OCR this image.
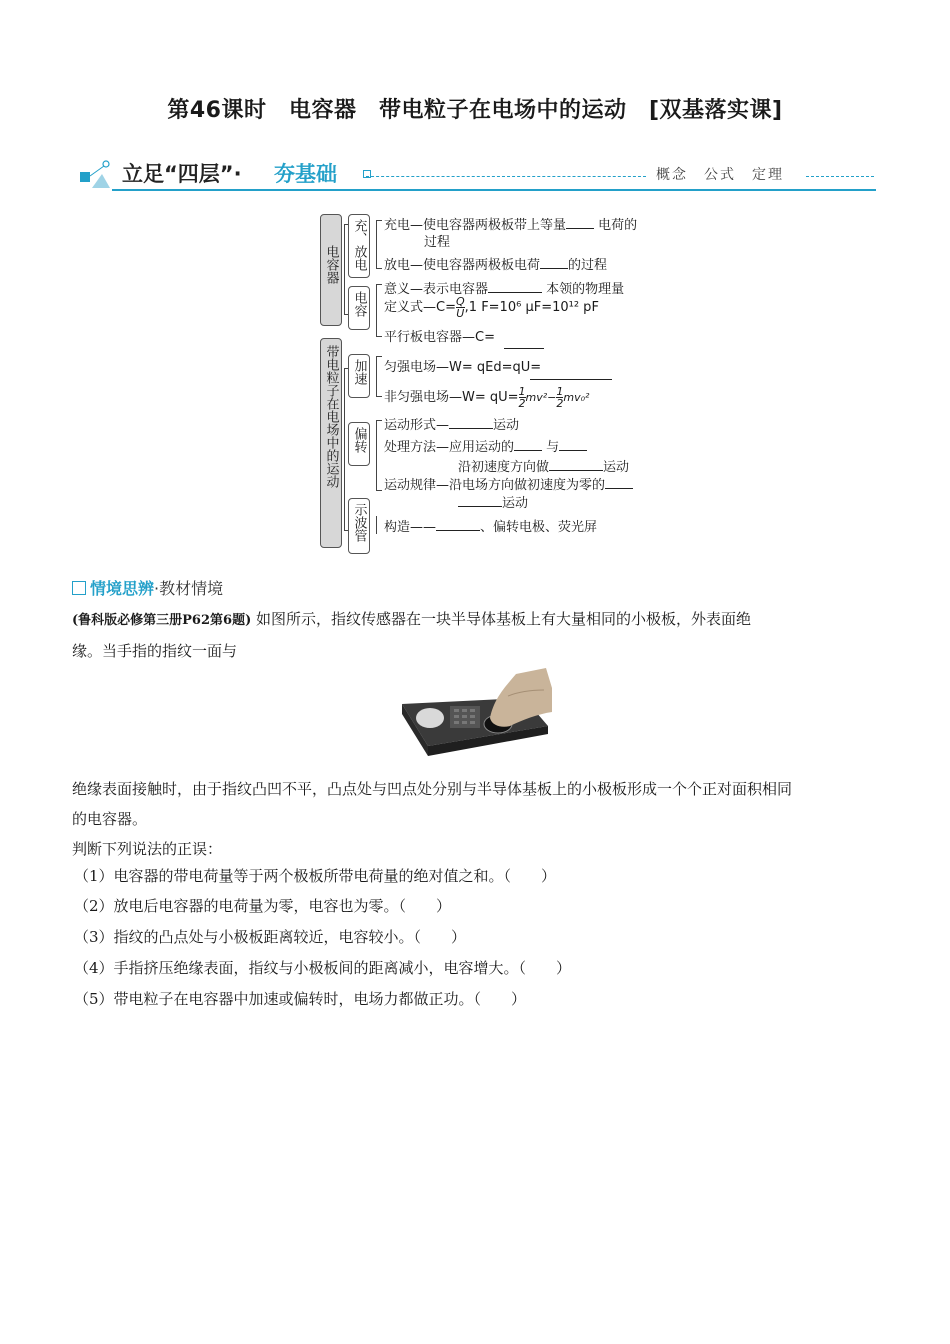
第46课时　电容器　带电粒子在电场中的运动　[双基落实课]
立足“四层”· 夯基础	概念　公式　定理
电容器 充、放电 充电—使电容器两极板带上等量 电荷的
过程
放电—使电容器两极板电荷 的过程
电容
意义—表示电容器	本领的物理量
定义式—C= $\frac{Q}{U} ,1$ F=10⁶ μF=10¹² pF
平行板电容器—C=
带电粒子在电场中的运动 加速 匀强电场—W= qEd=qU=
非匀强电场—W= $qU= \frac{1}{2} mv^2- \frac{1}{2} mv_0^2$
偏转
运动形式—	运动
处理方法—应用运动的 与
沿初速度方向做	运动
运动规律—沿电场方向做初速度为零的
运动
示波管 构造——	、偏转电极、荧光屏
情境思辨·教材情境
(鲁科版必修第三册P62第6题) 如图所示，指纹传感器在一块半导体基板上有大量相同的小极板，外表面绝
缘。当手指的指纹一面与
绝缘表面接触时，由于指纹凸凹不平，凸点处与凹点处分别与半导体基板上的小极板形成一个个正对面积相同
的电容器。
判断下列说法的正误：
（1）电容器的带电荷量等于两个极板所带电荷量的绝对值之和。（　　）
（2）放电后电容器的电荷量为零，电容也为零。（　　）
（3）指纹的凸点处与小极板距离较近，电容较小。（　　）
（4）手指挤压绝缘表面，指纹与小极板间的距离减小，电容增大。（　　）
（5）带电粒子在电容器中加速或偏转时，电场力都做正功。（　　）
